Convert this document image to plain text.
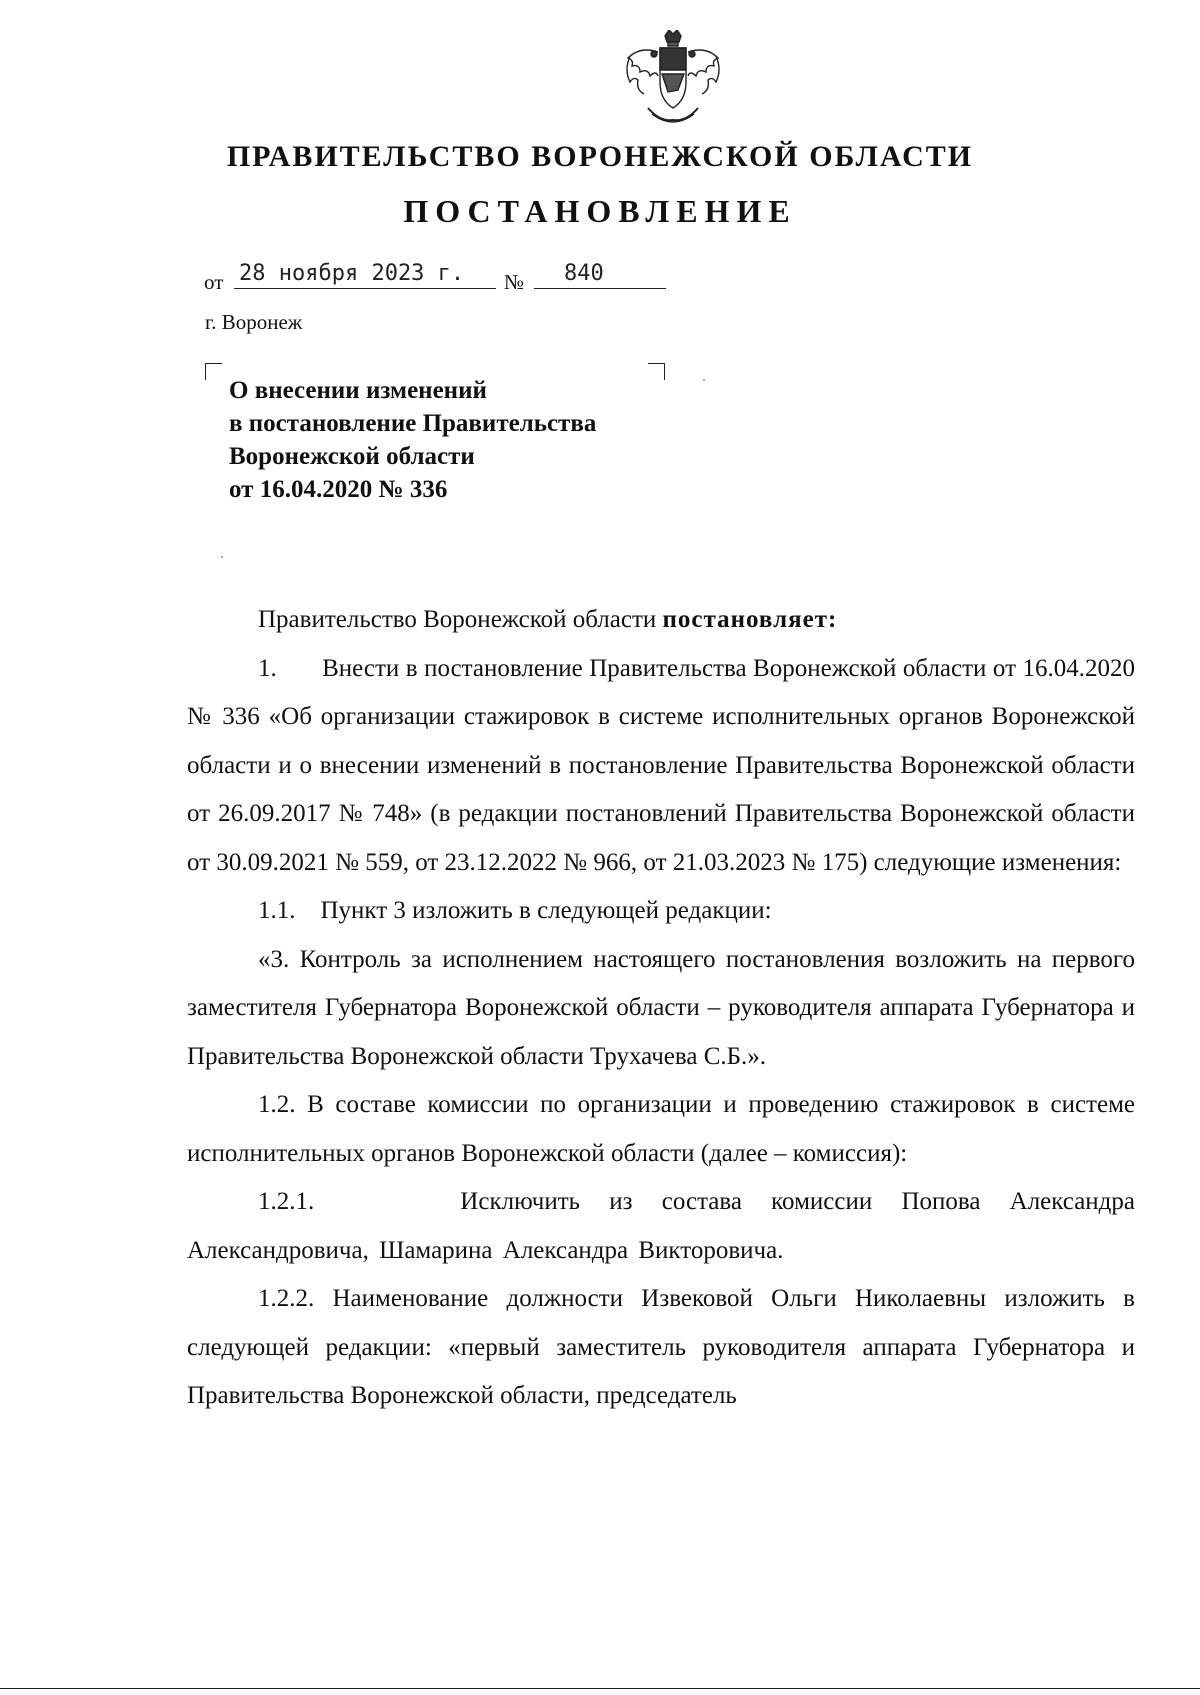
ПРАВИТЕЛЬСТВО ВОРОНЕЖСКОЙ ОБЛАСТИ
ПОСТАНОВЛЕНИЕ
от 28 ноября 2023 г. № 840
г. Воронеж
О внесении изменений
в постановление Правительства
Воронежской области
от 16.04.2020 № 336

Правительство Воронежской области постановляет:

1.       Внести в постановление Правительства Воронежской области от 16.04.2020 № 336 «Об организации стажировок в системе исполнительных органов Воронежской области и о внесении изменений в постановление Правительства Воронежской области от 26.09.2017 № 748» (в редакции постановлений Правительства Воронежской области от 30.09.2021 № 559, от 23.12.2022 № 966, от 21.03.2023 № 175) следующие изменения:

1.1.    Пункт 3 изложить в следующей редакции:

«3. Контроль за исполнением настоящего постановления возложить на первого заместителя Губернатора Воронежской области – руководителя аппарата Губернатора и Правительства Воронежской области Трухачева С.Б.».

1.2. В составе комиссии по организации и проведению стажировок в системе исполнительных органов Воронежской области (далее – комиссия):

1.2.1.     Исключить из состава комиссии Попова Александра Александровича, Шамарина Александра Викторовича.

1.2.2. Наименование должности Извековой Ольги Николаевны изложить в следующей редакции: «первый заместитель руководителя аппарата Губернатора и Правительства Воронежской области, председатель
